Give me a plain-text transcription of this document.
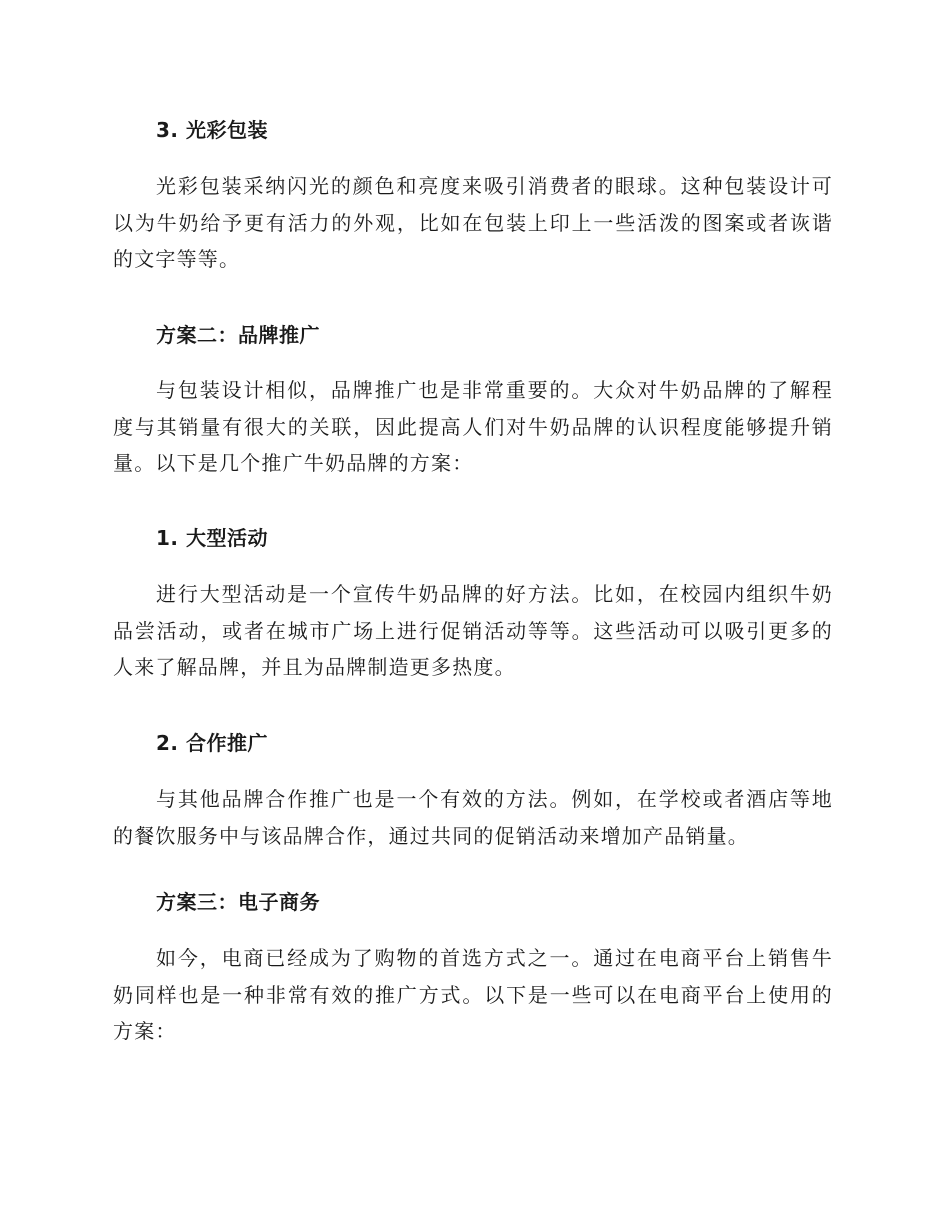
3. 光彩包装
光彩包装采纳闪光的颜色和亮度来吸引消费者的眼球。这种包装设计可以为牛奶给予更有活力的外观，比如在包装上印上一些活泼的图案或者诙谐的文字等等。
方案二：品牌推广
与包装设计相似，品牌推广也是非常重要的。大众对牛奶品牌的了解程度与其销量有很大的关联，因此提高人们对牛奶品牌的认识程度能够提升销量。以下是几个推广牛奶品牌的方案：
1. 大型活动
进行大型活动是一个宣传牛奶品牌的好方法。比如，在校园内组织牛奶品尝活动，或者在城市广场上进行促销活动等等。这些活动可以吸引更多的人来了解品牌，并且为品牌制造更多热度。
2. 合作推广
与其他品牌合作推广也是一个有效的方法。例如，在学校或者酒店等地的餐饮服务中与该品牌合作，通过共同的促销活动来增加产品销量。
方案三：电子商务
如今，电商已经成为了购物的首选方式之一。通过在电商平台上销售牛奶同样也是一种非常有效的推广方式。以下是一些可以在电商平台上使用的方案：
